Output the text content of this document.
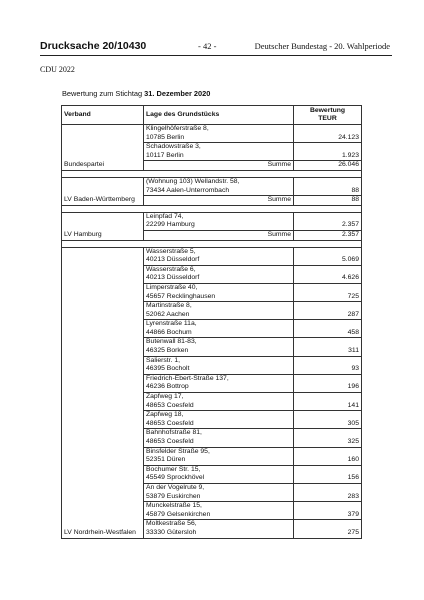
Drucksache 20/10430	- 42 -	Deutscher Bundestag - 20. Wahlperiode
CDU 2022
Bewertung zum Stichtag 31. Dezember 2020
Verband	Lage des Grundstücks	Bewertung
TEUR
Bundespartei	Klingelhöferstraße 8,
10785 Berlin	24.123
	Schadowstraße 3,
10117 Berlin	1.923
	Summe	26.046

LV Baden-Württemberg	(Wohnung 103) Wellandstr. 58,
73434 Aalen-Unterrombach	88
	Summe	88

LV Hamburg	Leinpfad 74,
22299 Hamburg	2.357
	Summe	2.357

LV Nordrhein-Westfalen	Wasserstraße 5,
40213 Düsseldorf	5.069
	Wasserstraße 6,
40213 Düsseldorf	4.626
	Limperstraße 40,
45657 Recklinghausen	725
	Martinstraße 8,
52062 Aachen	287
	Lyrenstraße 11a,
44866 Bochum	458
	Butenwall 81-83,
46325 Borken	311
	Salierstr. 1,
46395 Bocholt	93
	Friedrich-Ebert-Straße 137,
46236 Bottrop	196
	Zapfweg 17,
48653 Coesfeld	141
	Zapfweg 18,
48653 Coesfeld	305
	Bahnhofstraße 81,
48653 Coesfeld	325
	Binsfelder Straße 95,
52351 Düren	160
	Bochumer Str. 15,
45549 Sprockhövel	156
	An der Vogelrute 9,
53879 Euskirchen	283
	Munckelstraße 15,
45879 Gelsenkirchen	379
	Moltkestraße 56,
33330 Gütersloh	275
